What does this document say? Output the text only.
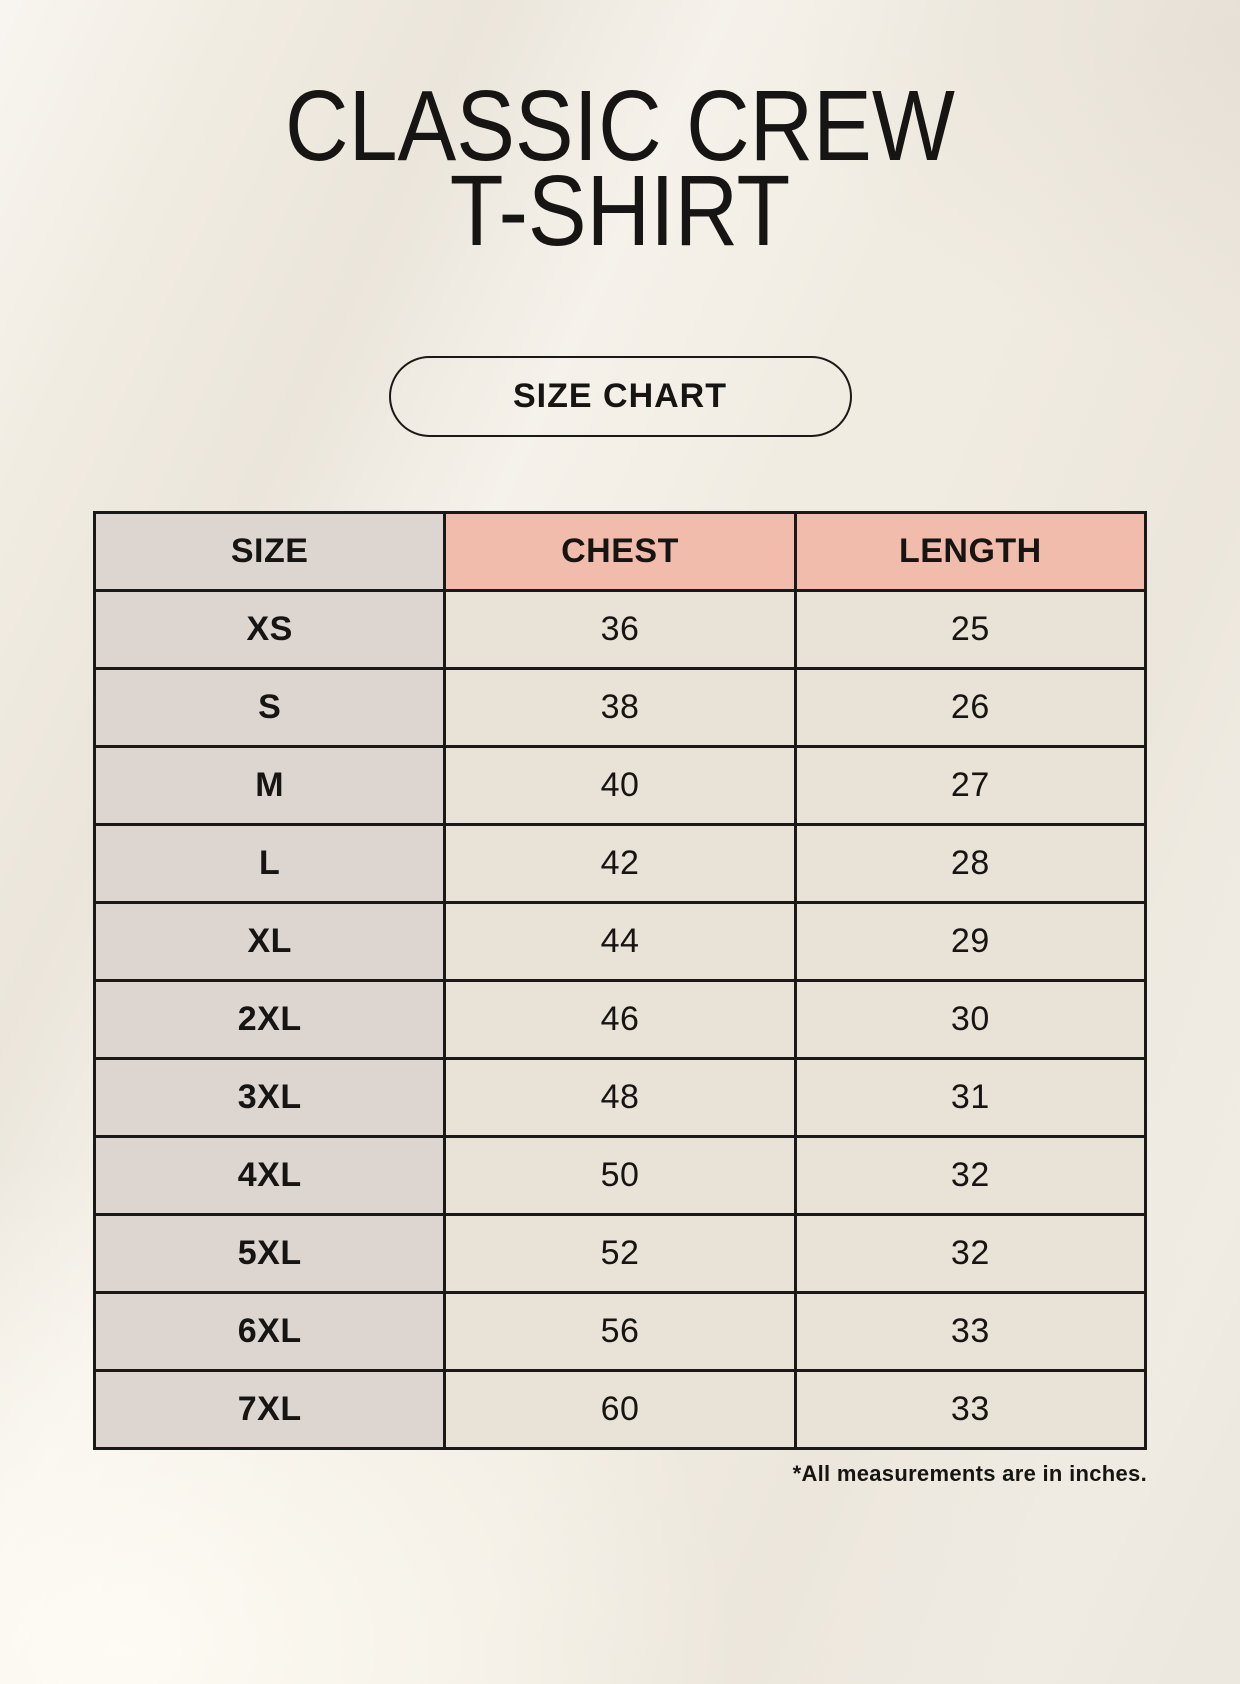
CLASSIC CREW
T-SHIRT
SIZE CHART
SIZE	CHEST	LENGTH
XS	36	25
S	38	26
M	40	27
L	42	28
XL	44	29
2XL	46	30
3XL	48	31
4XL	50	32
5XL	52	32
6XL	56	33
7XL	60	33

*All measurements are in inches.
